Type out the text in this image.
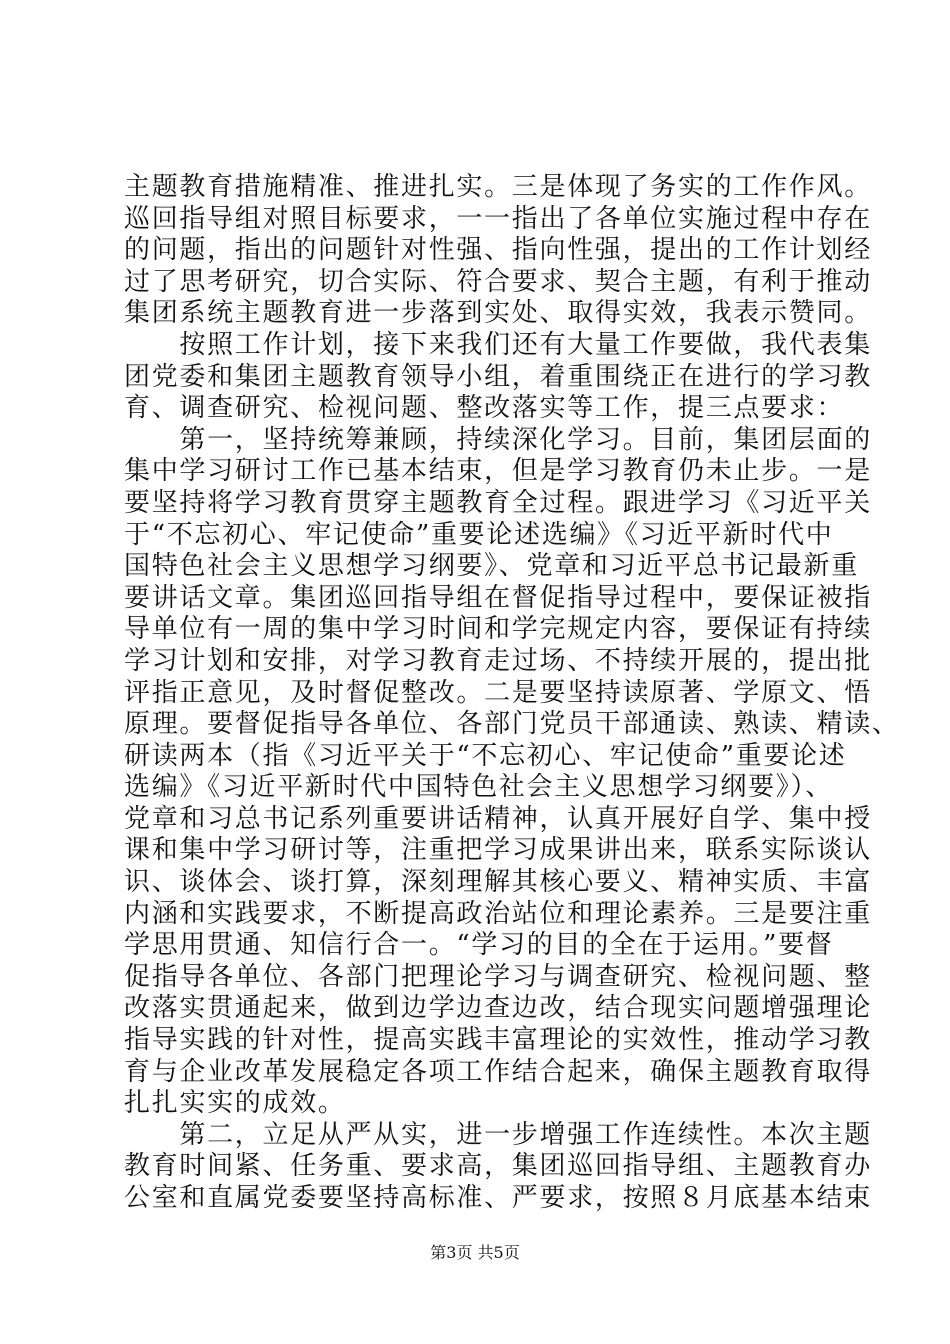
主题教育措施精准、推进扎实。三是体现了务实的工作作风。
巡回指导组对照目标要求，一一指出了各单位实施过程中存在
的问题，指出的问题针对性强、指向性强，提出的工作计划经
过了思考研究，切合实际、符合要求、契合主题，有利于推动
集团系统主题教育进一步落到实处、取得实效，我表示赞同。
　　按照工作计划，接下来我们还有大量工作要做，我代表集
团党委和集团主题教育领导小组，着重围绕正在进行的学习教
育、调查研究、检视问题、整改落实等工作，提三点要求：
　　第一，坚持统筹兼顾，持续深化学习。目前，集团层面的
集中学习研讨工作已基本结束，但是学习教育仍未止步。一是
要坚持将学习教育贯穿主题教育全过程。跟进学习《习近平关
于“不忘初心、牢记使命”重要论述选编》《习近平新时代中
国特色社会主义思想学习纲要》、党章和习近平总书记最新重
要讲话文章。集团巡回指导组在督促指导过程中，要保证被指
导单位有一周的集中学习时间和学完规定内容，要保证有持续
学习计划和安排，对学习教育走过场、不持续开展的，提出批
评指正意见，及时督促整改。二是要坚持读原著、学原文、悟
原理。要督促指导各单位、各部门党员干部通读、熟读、精读、
研读两本（指《习近平关于“不忘初心、牢记使命”重要论述
选编》《习近平新时代中国特色社会主义思想学习纲要》）、
党章和习总书记系列重要讲话精神，认真开展好自学、集中授
课和集中学习研讨等，注重把学习成果讲出来，联系实际谈认
识、谈体会、谈打算，深刻理解其核心要义、精神实质、丰富
内涵和实践要求，不断提高政治站位和理论素养。三是要注重
学思用贯通、知信行合一。“学习的目的全在于运用。”要督
促指导各单位、各部门把理论学习与调查研究、检视问题、整
改落实贯通起来，做到边学边查边改，结合现实问题增强理论
指导实践的针对性，提高实践丰富理论的实效性，推动学习教
育与企业改革发展稳定各项工作结合起来，确保主题教育取得
扎扎实实的成效。
　　第二，立足从严从实，进一步增强工作连续性。本次主题
教育时间紧、任务重、要求高，集团巡回指导组、主题教育办
公室和直属党委要坚持高标准、严要求，按照８月底基本结束
第3页 共5页
